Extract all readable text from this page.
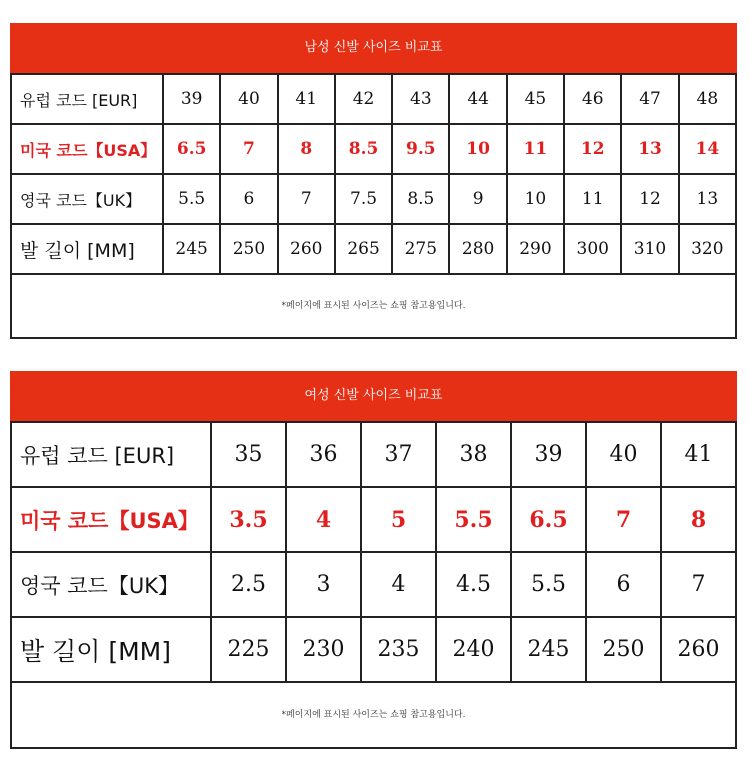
남성 신발 사이즈 비교표
유럽 코드 [EUR]	39	40	41	42	43	44	45	46	47	48
미국 코드【USA】	6.5	7	8	8.5	9.5	10	11	12	13	14
영국 코드【UK】	5.5	6	7	7.5	8.5	9	10	11	12	13
발 길이 [MM]	245	250	260	265	275	280	290	300	310	320
*페이지에 표시된 사이즈는 쇼핑 참고용입니다.
여성 신발 사이즈 비교표
유럽 코드 [EUR]	35	36	37	38	39	40	41
미국 코드【USA】	3.5	4	5	5.5	6.5	7	8
영국 코드【UK】	2.5	3	4	4.5	5.5	6	7
발 길이 [MM]	225	230	235	240	245	250	260
*페이지에 표시된 사이즈는 쇼핑 참고용입니다.
